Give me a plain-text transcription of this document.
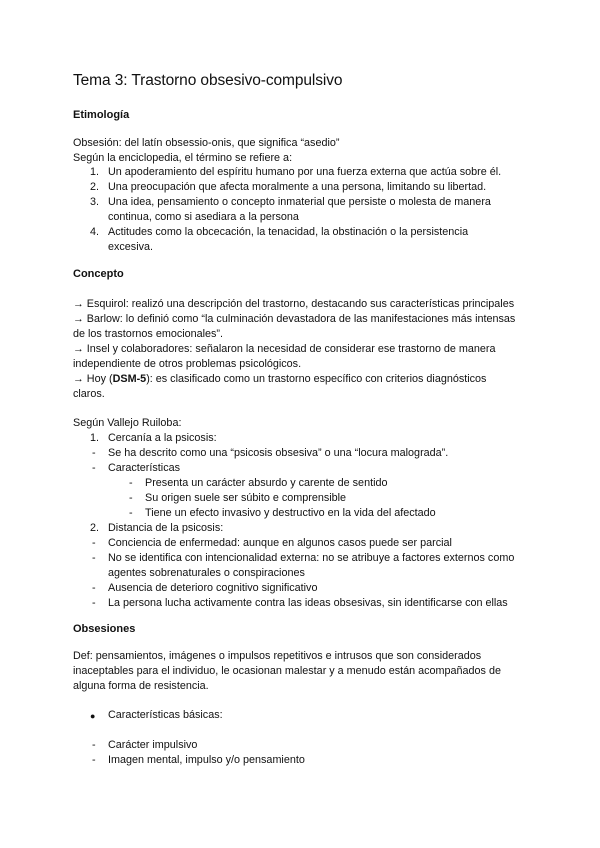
Tema 3: Trastorno obsesivo-compulsivo
Etimología
Obsesión: del latín obsessio-onis, que significa “asedio”
Según la enciclopedia, el término se refiere a:
1. Un apoderamiento del espíritu humano por una fuerza externa que actúa sobre él.
2. Una preocupación que afecta moralmente a una persona, limitando su libertad.
3. Una idea, pensamiento o concepto inmaterial que persiste o molesta de manera
continua, como si asediara a la persona
4. Actitudes como la obcecación, la tenacidad, la obstinación o la persistencia
excesiva.
Concepto
→ Esquirol: realizó una descripción del trastorno, destacando sus características principales
→ Barlow: lo definió como “la culminación devastadora de las manifestaciones más intensas
de los trastornos emocionales”.
→ Insel y colaboradores: señalaron la necesidad de considerar ese trastorno de manera
independiente de otros problemas psicológicos.
→ Hoy (DSM-5): es clasificado como un trastorno específico con criterios diagnósticos
claros.
Según Vallejo Ruiloba:
1. Cercanía a la psicosis:
- Se ha descrito como una “psicosis obsesiva” o una “locura malograda”.
- Características
- Presenta un carácter absurdo y carente de sentido
- Su origen suele ser súbito e comprensible
- Tiene un efecto invasivo y destructivo en la vida del afectado
2. Distancia de la psicosis:
- Conciencia de enfermedad: aunque en algunos casos puede ser parcial
- No se identifica con intencionalidad externa: no se atribuye a factores externos como
agentes sobrenaturales o conspiraciones
- Ausencia de deterioro cognitivo significativo
- La persona lucha activamente contra las ideas obsesivas, sin identificarse con ellas
Obsesiones
Def: pensamientos, imágenes o impulsos repetitivos e intrusos que son considerados
inaceptables para el individuo, le ocasionan malestar y a menudo están acompañados de
alguna forma de resistencia.
● Características básicas:
- Carácter impulsivo
- Imagen mental, impulso y/o pensamiento
